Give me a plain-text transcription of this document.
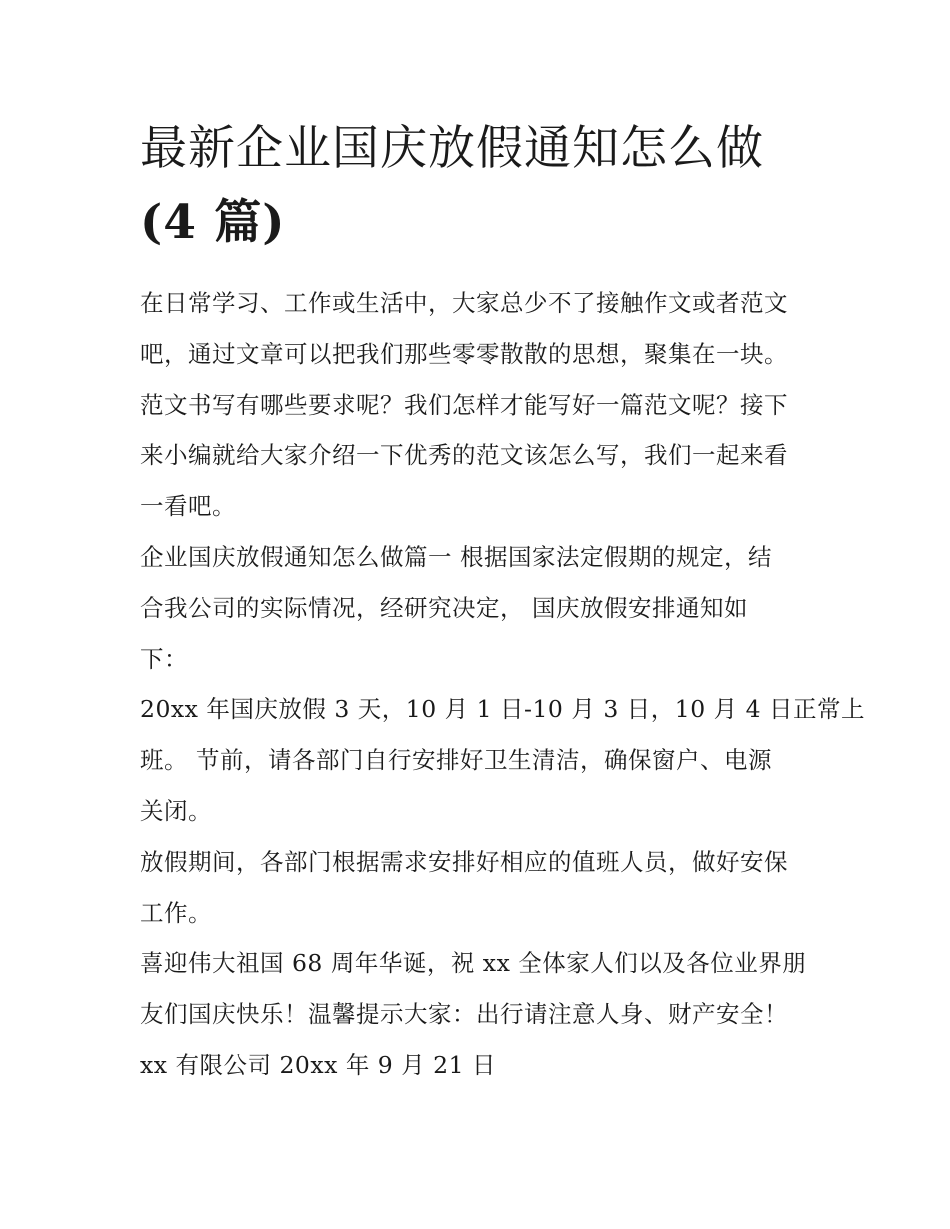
最新企业国庆放假通知怎么做
(4 篇)

在日常学习、工作或生活中，大家总少不了接触作文或者范文
吧，通过文章可以把我们那些零零散散的思想，聚集在一块。
范文书写有哪些要求呢？我们怎样才能写好一篇范文呢？接下
来小编就给大家介绍一下优秀的范文该怎么写，我们一起来看
一看吧。

企业国庆放假通知怎么做篇一 根据国家法定假期的规定，结
合我公司的实际情况，经研究决定， 国庆放假安排通知如
下：

20xx 年国庆放假 3 天，10 月 1 日-10 月 3 日，10 月 4 日正常上
班。 节前，请各部门自行安排好卫生清洁，确保窗户、电源
关闭。

放假期间，各部门根据需求安排好相应的值班人员，做好安保
工作。

喜迎伟大祖国 68 周年华诞，祝 xx 全体家人们以及各位业界朋
友们国庆快乐！温馨提示大家：出行请注意人身、财产安全！
xx 有限公司 20xx 年 9 月 21 日
